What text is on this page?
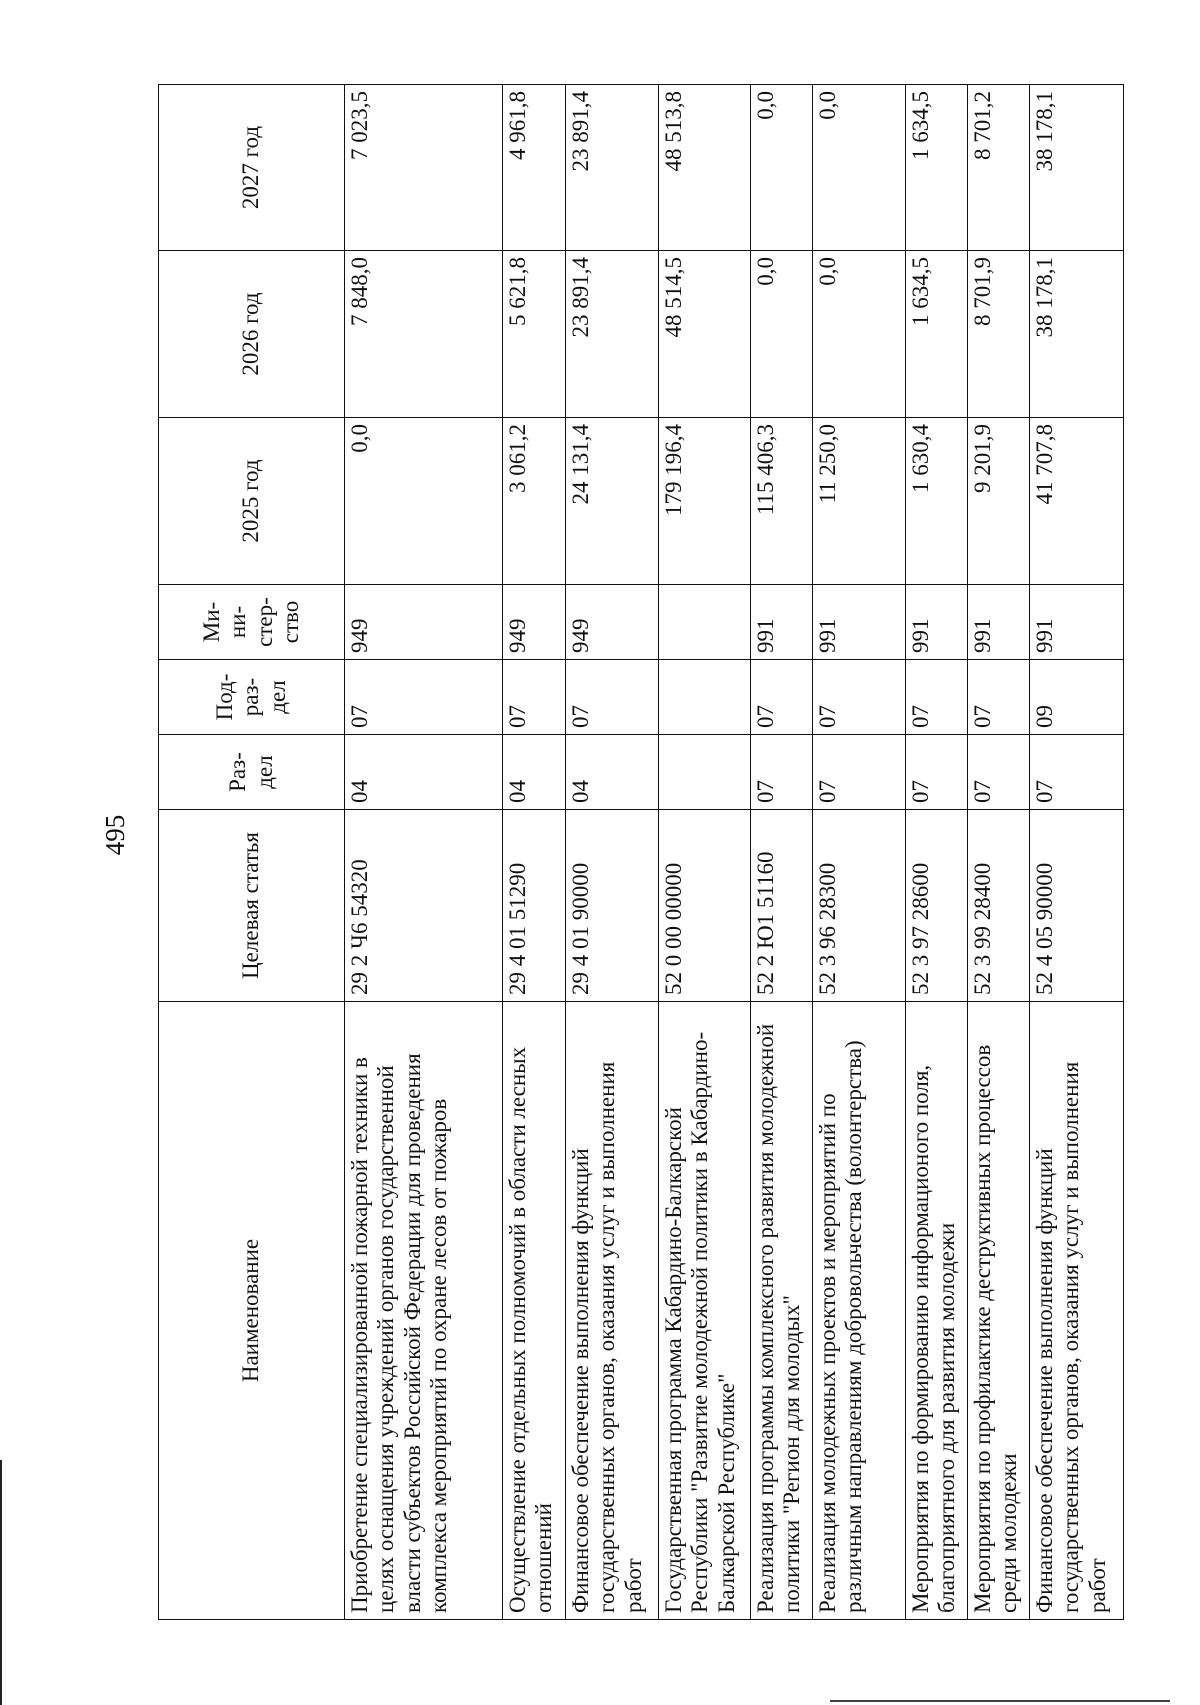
495
Наименование	Целевая статья	Раз-дел	Под-раз-дел	Ми-ни-стер-ство	2025 год	2026 год	2027 год
Приобретение специализированной пожарной техники в целях оснащения учреждений органов государственной власти субъектов Российской Федерации для проведения комплекса мероприятий по охране лесов от пожаров	29 2 Ч6 54320	04	07	949	0,0	7 848,0	7 023,5
Осуществление отдельных полномочий в области лесных отношений	29 4 01 51290	04	07	949	3 061,2	5 621,8	4 961,8
Финансовое обеспечение выполнения функций государственных органов, оказания услуг и выполнения работ	29 4 01 90000	04	07	949	24 131,4	23 891,4	23 891,4
Государственная программа Кабардино-Балкарской Республики "Развитие молодежной политики в Кабардино-Балкарской Республике"	52 0 00 00000				179 196,4	48 514,5	48 513,8
Реализация программы комплексного развития молодежной политики "Регион для молодых"	52 2 Ю1 51160	07	07	991	115 406,3	0,0	0,0
Реализация молодежных проектов и мероприятий по различным направлениям добровольчества (волонтерства)	52 3 96 28300	07	07	991	11 250,0	0,0	0,0
Мероприятия по формированию информационого поля, благоприятного для развития молодежи	52 3 97 28600	07	07	991	1 630,4	1 634,5	1 634,5
Мероприятия по профилактике деструктивных процессов среди молодежи	52 3 99 28400	07	07	991	9 201,9	8 701,9	8 701,2
Финансовое обеспечение выполнения функций государственных органов, оказания услуг и выполнения работ	52 4 05 90000	07	09	991	41 707,8	38 178,1	38 178,1
